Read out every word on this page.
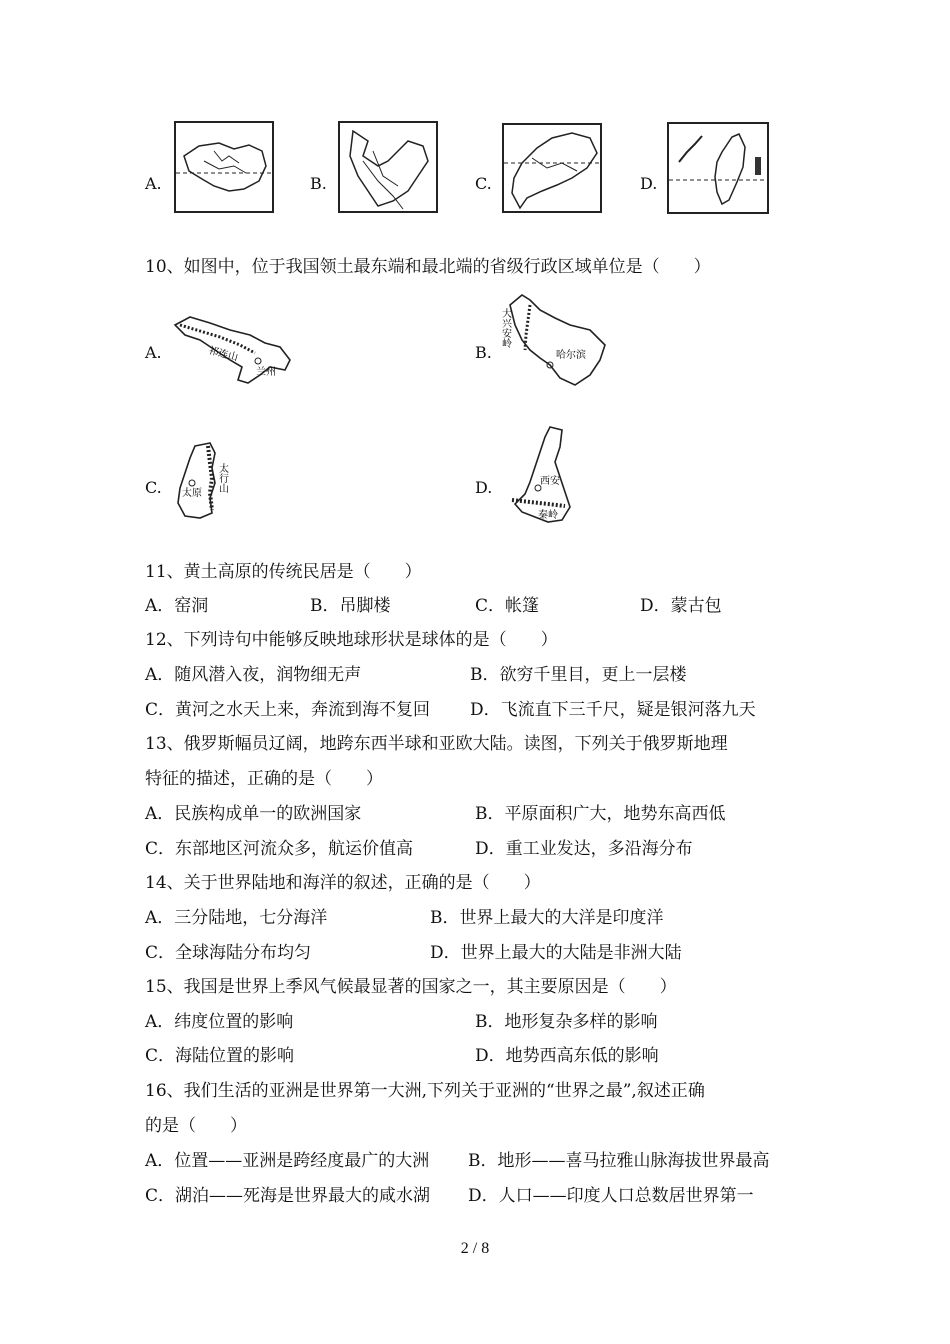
A.	B.	C.	D.
10、如图中，位于我国领土最东端和最北端的省级行政区域单位是（　　）
A.	祁连山
兰州
B.
大兴安岭
哈尔滨
C. 太原
太行山	D.	西安
秦岭
11、黄土高原的传统民居是（　　）
A．窑洞	B．吊脚楼	C．帐篷	D．蒙古包
12、下列诗句中能够反映地球形状是球体的是（　　）
A．随风潜入夜，润物细无声	B．欲穷千里目，更上一层楼
C．黄河之水天上来，奔流到海不复回 D．飞流直下三千尺，疑是银河落九天
13、俄罗斯幅员辽阔，地跨东西半球和亚欧大陆。读图，下列关于俄罗斯地理
特征的描述，正确的是（　　）
A．民族构成单一的欧洲国家	B．平原面积广大，地势东高西低
C．东部地区河流众多，航运价值高	D．重工业发达，多沿海分布
14、关于世界陆地和海洋的叙述，正确的是（　　）
A．三分陆地，七分海洋	B．世界上最大的大洋是印度洋
C．全球海陆分布均匀	D．世界上最大的大陆是非洲大陆
15、我国是世界上季风气候最显著的国家之一，其主要原因是（　　）
A．纬度位置的影响	B．地形复杂多样的影响
C．海陆位置的影响	D．地势西高东低的影响
16、我们生活的亚洲是世界第一大洲,下列关于亚洲的“世界之最”,叙述正确
的是（　　）
A．位置——亚洲是跨经度最广的大洲 B．地形——喜马拉雅山脉海拔世界最高
C．湖泊——死海是世界最大的咸水湖 D．人口——印度人口总数居世界第一
2 / 8
